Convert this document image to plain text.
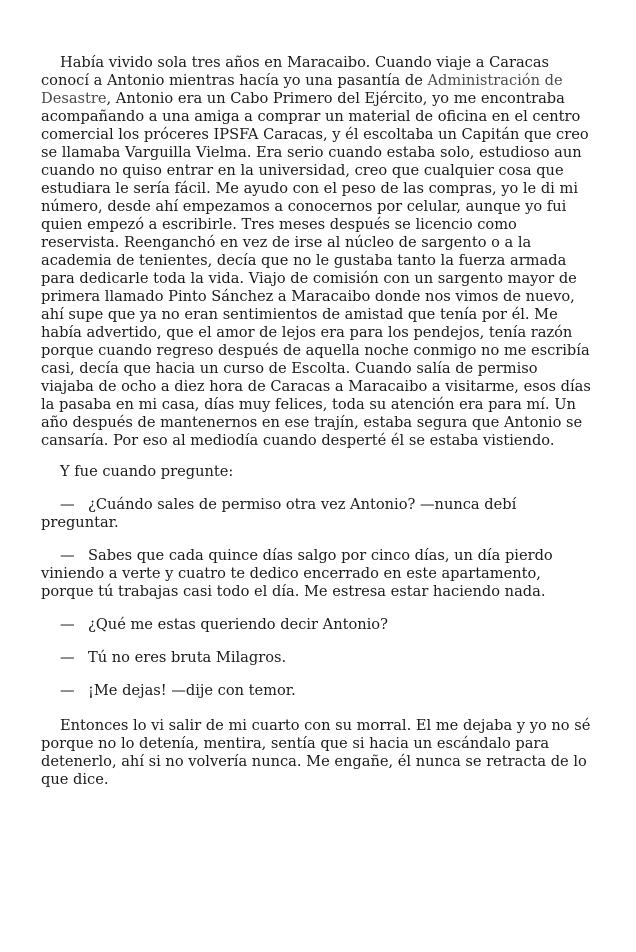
Había vivido sola tres años en Maracaibo. Cuando viaje a Caracas conocí a Antonio mientras hacía yo una pasantía de Administración de Desastre, Antonio era un Cabo Primero del Ejército, yo me encontraba acompañando a una amiga a comprar un material de oficina en el centro comercial los próceres IPSFA Caracas, y él escoltaba un Capitán que creo se llamaba Varguilla Vielma. Era serio cuando estaba solo, estudioso aun cuando no quiso entrar en la universidad, creo que cualquier cosa que estudiara le sería fácil. Me ayudo con el peso de las compras, yo le di mi número, desde ahí empezamos a conocernos por celular, aunque yo fui quien empezó a escribirle. Tres meses después se licencio como reservista. Reenganchó en vez de irse al núcleo de sargento o a la academia de tenientes, decía que no le gustaba tanto la fuerza armada para dedicarle toda la vida. Viajo de comisión con un sargento mayor de primera llamado Pinto Sánchez a Maracaibo donde nos vimos de nuevo, ahí supe que ya no eran sentimientos de amistad que tenía por él. Me había advertido, que el amor de lejos era para los pendejos, tenía razón porque cuando regreso después de aquella noche conmigo no me escribía casi, decía que hacia un curso de Escolta. Cuando salía de permiso viajaba de ocho a diez hora de Caracas a Maracaibo a visitarme, esos días la pasaba en mi casa, días muy felices, toda su atención era para mí. Un año después de mantenernos en ese trajín, estaba segura que Antonio se cansaría. Por eso al mediodía cuando desperté él se estaba vistiendo.

Y fue cuando pregunte:

— ¿Cuándo sales de permiso otra vez Antonio? —nunca debí preguntar.

— Sabes que cada quince días salgo por cinco días, un día pierdo viniendo a verte y cuatro te dedico encerrado en este apartamento, porque tú trabajas casi todo el día. Me estresa estar haciendo nada.

— ¿Qué me estas queriendo decir Antonio?

— Tú no eres bruta Milagros.

— ¡Me dejas! —dije con temor.

Entonces lo vi salir de mi cuarto con su morral. El me dejaba y yo no sé porque no lo detenía, mentira, sentía que si hacia un escándalo para detenerlo, ahí si no volvería nunca. Me engañe, él nunca se retracta de lo que dice.
